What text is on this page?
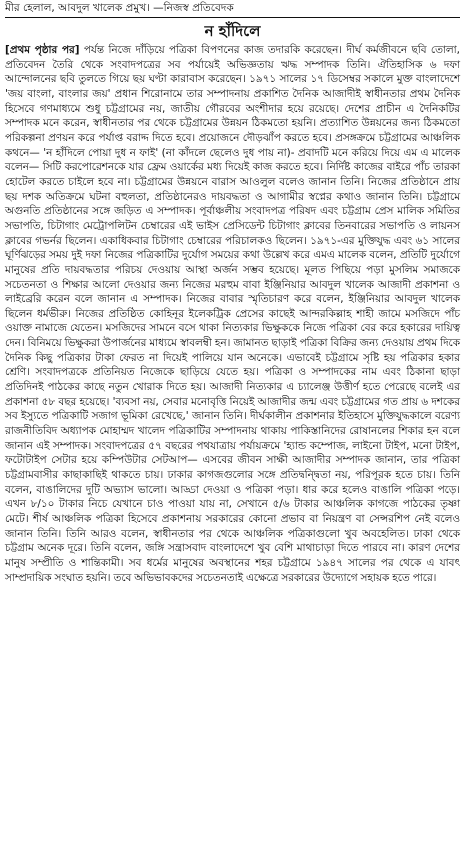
মীর হেলাল, আবদুল খালেক প্রমুখ। —নিজস্ব প্রতিবেদক
ন হাঁদিলে

[প্রথম পৃষ্ঠার পর] পর্যন্ত নিজে দাঁড়িয়ে পত্রিকা বিপণনের কাজ তদারকি করেছেন। দীর্ঘ কর্মজীবনে ছবি তোলা, প্রতিবেদন তৈরি থেকে সংবাদপত্রের সব পর্যায়েই অভিজ্ঞতায় ঋদ্ধ সম্পাদক তিনি। ঐতিহাসিক ৬ দফা আন্দোলনের ছবি তুলতে গিয়ে ছয় ঘণ্টা কারাবাস করেছেন। ১৯৭১ সালের ১৭ ডিসেম্বর সকালে মুক্ত বাংলাদেশে 'জয় বাংলা, বাংলার জয়' প্রধান শিরোনামে তার সম্পাদনায় প্রকাশিত দৈনিক আজাদীই স্বাধীনতার প্রথম দৈনিক হিসেবে গণমাধ্যমে শুধু চট্টগ্রামের নয়, জাতীয় গৌরবের অংশীদার হয়ে রয়েছে। দেশের প্রাচীন এ দৈনিকটির সম্পাদক মনে করেন, স্বাধীনতার পর থেকে চট্টগ্রামের উন্নয়ন ঠিকমতো হয়নি। প্রত্যাশিত উন্নয়নের জন্য ঠিকমতো পরিকল্পনা প্রণয়ন করে পর্যাপ্ত বরাদ্দ দিতে হবে। প্রয়োজনে দৌড়ঝাঁপ করতে হবে। প্রসঙ্গক্রমে চট্টগ্রামের আঞ্চলিক কথনে— 'ন হাঁদিলে পোয়া দুধ ন ফাই' (না কাঁদলে ছেলেও দুধ পায় না)- প্রবাদটি মনে করিয়ে দিয়ে এম এ মালেক বলেন— সিটি করপোরেশনকে যার ফ্রেম ওয়ার্কের মধ্য দিয়েই কাজ করতে হবে। নির্দিষ্ট কাজের বাইরে পাঁচ তারকা হোটেল করতে চাইলে হবে না। চট্টগ্রামের উন্নয়নে বারাস আওলুল বলেও জানান তিনি। নিজের প্রতিষ্ঠানে প্রায় ছয় দশক অতিক্রমে ঘটনা বহুলতা, প্রতিষ্ঠানেরও দায়বদ্ধতা ও আগামীর স্বপ্নের কথাও জানান তিনি। চট্টগ্রামে অগুনতি প্রতিষ্ঠানের সঙ্গে জড়িত এ সম্পাদক। পূর্বাঞ্চলীয় সংবাদপত্র পরিষদ এবং চট্টগ্রাম প্রেস মালিক সমিতির সভাপতি, চিটাগাং মেট্রোপলিটন চেম্বারের এই ভাইস প্রেসিডেন্ট চিটাগাং ক্লাবের তিনবারের সভাপতি ও লায়নস ক্লাবের গভর্নর ছিলেন। একাধিকবার চিটাগাং চেম্বারের পরিচালকও ছিলেন। ১৯৭১-এর মুক্তিযুদ্ধ এবং ৬১ সালের ঘূর্ণিঝড়ের সময় দুই দফা নিজের পত্রিকাটির দুর্যোগ সময়ের কথা উল্লেখ করে এমএ মালেক বলেন, প্রতিটি দুর্যোগে মানুষের প্রতি দায়বদ্ধতার পরিচয় দেওয়ায় আস্থা অর্জন সম্ভব হয়েছে। মূলত পিছিয়ে পড়া মুসলিম সমাজকে সচেতনতা ও শিক্ষার আলো দেওয়ার জন্য নিজের মরহুম বাবা ইঞ্জিনিয়ার আবদুল খালেক আজাদী প্রকাশনা ও লাইব্রেরি করেন বলে জানান এ সম্পাদক। নিজের বাবার স্মৃতিচারণ করে বলেন, ইঞ্জিনিয়ার আবদুল খালেক ছিলেন ধর্মভীরু। নিজের প্রতিষ্ঠিত কোহিনূর ইলেকট্রিক প্রেসের কাছেই আন্দরকিল্লাহ শাহী জামে মসজিদে পাঁচ ওয়াক্ত নামাজে যেতেন। মসজিদের সামনে বসে থাকা নিত্যকার ভিক্ষুককে নিজে পত্রিকা বের করে হকারের দায়িত্ব দেন। বিনিময়ে ভিক্ষুকরা উপার্জনের মাধ্যমে স্বাবলম্বী হন। জামানত ছাড়াই পত্রিকা বিক্রির জন্য দেওয়ায় প্রথম দিকে দৈনিক কিছু পত্রিকার টাকা ফেরত না দিয়েই পালিয়ে যান অনেকে। এভাবেই চট্টগ্রামে সৃষ্টি হয় পত্রিকার হকার শ্রেণি। সংবাদপত্রকে প্রতিনিয়ত নিজেকে ছাড়িয়ে যেতে হয়। পত্রিকা ও সম্পাদকের নাম এবং ঠিকানা ছাড়া প্রতিদিনই পাঠকের কাছে নতুন খোরাক দিতে হয়। আজাদী নিত্যকার এ চ্যালেঞ্জ উত্তীর্ণ হতে পেরেছে বলেই এর প্রকাশনা ৫৮ বছর হয়েছে। 'ব্যবসা নয়, সেবার মনোবৃত্তি নিয়েই আজাদীর জন্ম এবং চট্টগ্রামের গত প্রায় ৬ দশকের সব ইস্যুতে পত্রিকাটি সজাগ ভূমিকা রেখেছে,' জানান তিনি। দীর্ঘকালীন প্রকাশনার ইতিহাসে মুক্তিযুদ্ধকালে বরেণ্য রাজনীতিবিদ অধ্যাপক মোহাম্মদ খালেদ পত্রিকাটির সম্পাদনায় থাকায় পাকিস্তানিদের রোষানলের শিকার হন বলে জানান এই সম্পাদক। সংবাদপত্রের ৫৭ বছরের পথযাত্রায় পর্যায়ক্রমে 'হ্যান্ড কম্পোজ, লাইনো টাইপ, মনো টাইপ, ফটোটাইপ সেটার হয়ে কম্পিউটার সেটআপ— এসবের জীবন সাক্ষী আজাদীর সম্পাদক জানান, তার পত্রিকা চট্টগ্রামবাসীর কাছাকাছিই থাকতে চায়। ঢাকার কাগজগুলোর সঙ্গে প্রতিদ্বন্দ্বিতা নয়, পরিপূরক হতে চায়। তিনি বলেন, বাঙালিদের দুটি অভ্যাস ভালো। আড্ডা দেওয়া ও পত্রিকা পড়া। ধার করে হলেও বাঙালি পত্রিকা পড়ে। এখন ৮/১০ টাকার নিচে যেখানে চাও পাওয়া যায় না, সেখানে ৫/৬ টাকার আঞ্চলিক কাগজে পাঠকের তৃষ্ণা মেটে। শীর্ষ আঞ্চলিক পত্রিকা হিসেবে প্রকাশনায় সরকারের কোনো প্রভাব বা নিয়ন্ত্রণ বা সেন্সরশিপ নেই বলেও জানান তিনি। তিনি আরও বলেন, স্বাধীনতার পর থেকে আঞ্চলিক পত্রিকাগুলো খুব অবহেলিত। ঢাকা থেকে চট্টগ্রাম অনেক দূরে। তিনি বলেন, জঙ্গি সন্ত্রাসবাদ বাংলাদেশে খুব বেশি মাথাচাড়া দিতে পারবে না। কারণ দেশের মানুষ সম্প্রীতি ও শান্তিকামী। সব ধর্মের মানুষের অবস্থানের শহর চট্টগ্রামে ১৯৪৭ সালের পর থেকে এ যাবৎ সাম্প্রদায়িক সংঘাত হয়নি। তবে অভিভাবকদের সচেতনতাই এক্ষেত্রে সরকারের উদ্যোগে সহায়ক হতে পারে।
